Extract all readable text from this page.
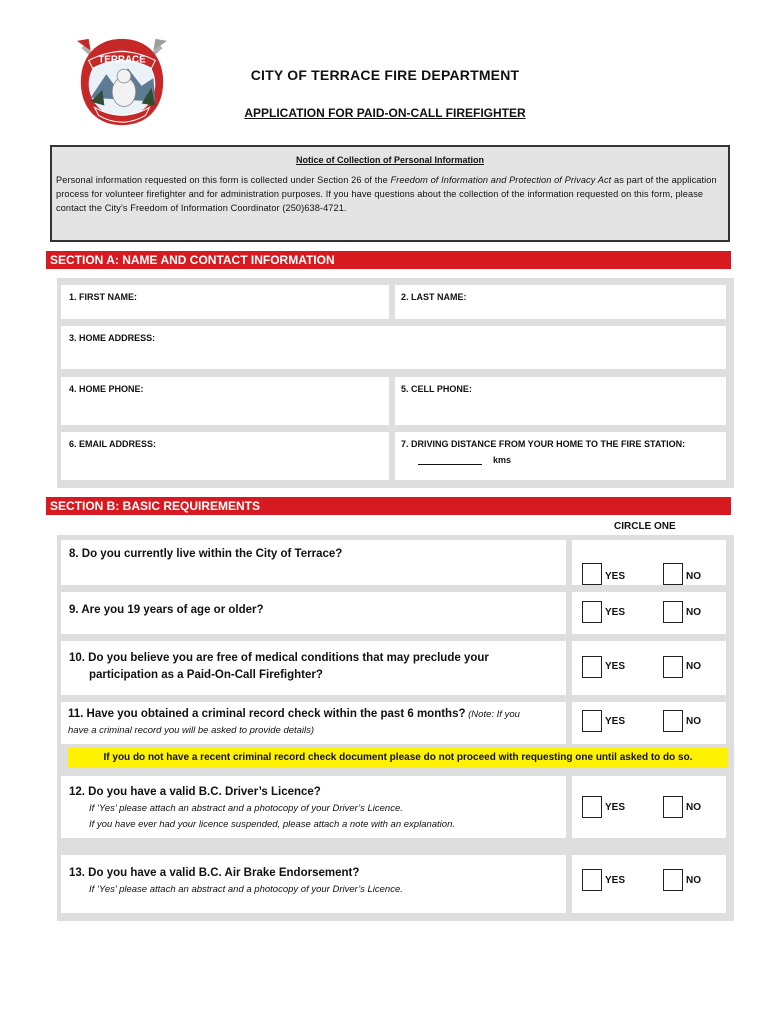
TERRACE
CITY OF TERRACE FIRE DEPARTMENT
APPLICATION FOR PAID-ON-CALL FIREFIGHTER
Notice of Collection of Personal Information
Personal information requested on this form is collected under Section 26 of the Freedom of Information and Protection of Privacy Act as part of the application process for volunteer firefighter and for administration purposes. If you have questions about the collection of the information requested on this form, please contact the City’s Freedom of Information Coordinator (250)638-4721.
SECTION A: NAME AND CONTACT INFORMATION
1. FIRST NAME:	2. LAST NAME:
3. HOME ADDRESS:
4. HOME PHONE:	5. CELL PHONE:
6. EMAIL ADDRESS:	7. DRIVING DISTANCE FROM YOUR HOME TO THE FIRE STATION:
kms
SECTION B: BASIC REQUIREMENTS
CIRCLE ONE
8. Do you currently live within the City of Terrace?
YES	NO
9. Are you 19 years of age or older?	YES	NO
10. Do you believe you are free of medical conditions that may preclude your
participation as a Paid-On-Call Firefighter?
YES	NO
11. Have you obtained a criminal record check within the past 6 months? (Note: If you
have a criminal record you will be asked to provide details)
YES	NO
If you do not have a recent criminal record check document please do not proceed with requesting one until asked to do so.
12. Do you have a valid B.C. Driver’s Licence?
If ‘Yes’ please attach an abstract and a photocopy of your Driver’s Licence.
If you have ever had your licence suspended, please attach a note with an explanation.
YES	NO
13. Do you have a valid B.C. Air Brake Endorsement?
If ‘Yes’ please attach an abstract and a photocopy of your Driver’s Licence.
YES	NO
